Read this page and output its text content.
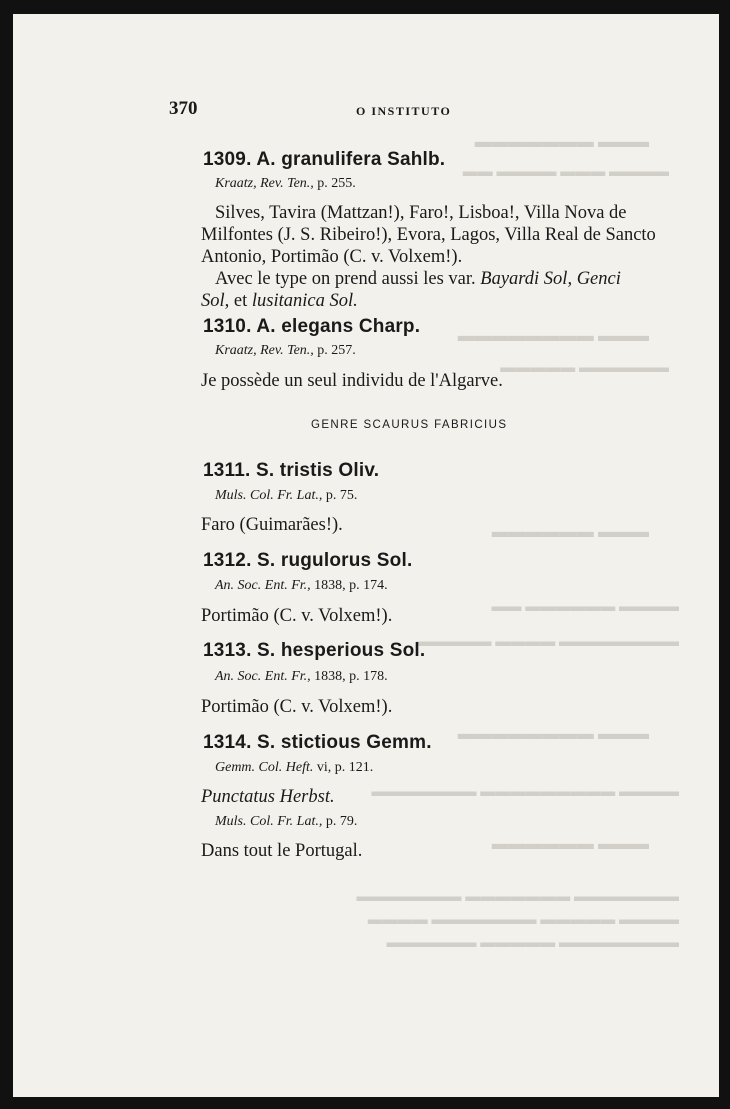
▬▬▬ ▬▬▬▬▬▬▬
▬▬▬▬ ▬▬▬ ▬▬▬▬ ▬▬
▬▬▬ ▬▬▬▬▬▬▬▬
▬▬▬▬▬▬ ▬▬▬▬▬
▬▬▬ ▬▬▬▬▬▬
▬▬▬▬ ▬▬▬▬▬▬ ▬▬
▬▬▬▬▬▬▬▬ ▬▬▬▬ ▬▬▬▬▬
▬▬▬ ▬▬▬▬▬▬▬▬
▬▬▬▬ ▬▬▬▬▬▬▬▬▬ ▬▬▬▬▬▬▬
▬▬▬ ▬▬▬▬▬▬
▬▬▬▬▬▬▬ ▬▬▬▬▬▬▬ ▬▬▬▬▬▬▬
▬▬▬▬ ▬▬▬▬▬ ▬▬▬▬▬▬▬ ▬▬▬▬
▬▬▬▬▬▬▬▬ ▬▬▬▬▬ ▬▬▬▬▬▬
370	O INSTITUTO
1309. A. granulifera Sahlb.
Kraatz, Rev. Ten., p. 255.
Silves, Tavira (Mattzan!), Faro!, Lisboa!, Villa Nova de
Milfontes (J. S. Ribeiro!), Evora, Lagos, Villa Real de Sancto
Antonio, Portimão (C. v. Volxem!).
Avec le type on prend aussi les var. Bayardi Sol, Genci
Sol, et lusitanica Sol.
1310. A. elegans Charp.
Kraatz, Rev. Ten., p. 257.
Je possède un seul individu de l'Algarve.
GENRE SCAURUS FABRICIUS
1311. S. tristis Oliv.
Muls. Col. Fr. Lat., p. 75.
Faro (Guimarães!).
1312. S. rugulorus Sol.
An. Soc. Ent. Fr., 1838, p. 174.
Portimão (C. v. Volxem!).
1313. S. hesperious Sol.
An. Soc. Ent. Fr., 1838, p. 178.
Portimão (C. v. Volxem!).
1314. S. stictious Gemm.
Gemm. Col. Heft. vi, p. 121.
Punctatus Herbst.
Muls. Col. Fr. Lat., p. 79.
Dans tout le Portugal.
